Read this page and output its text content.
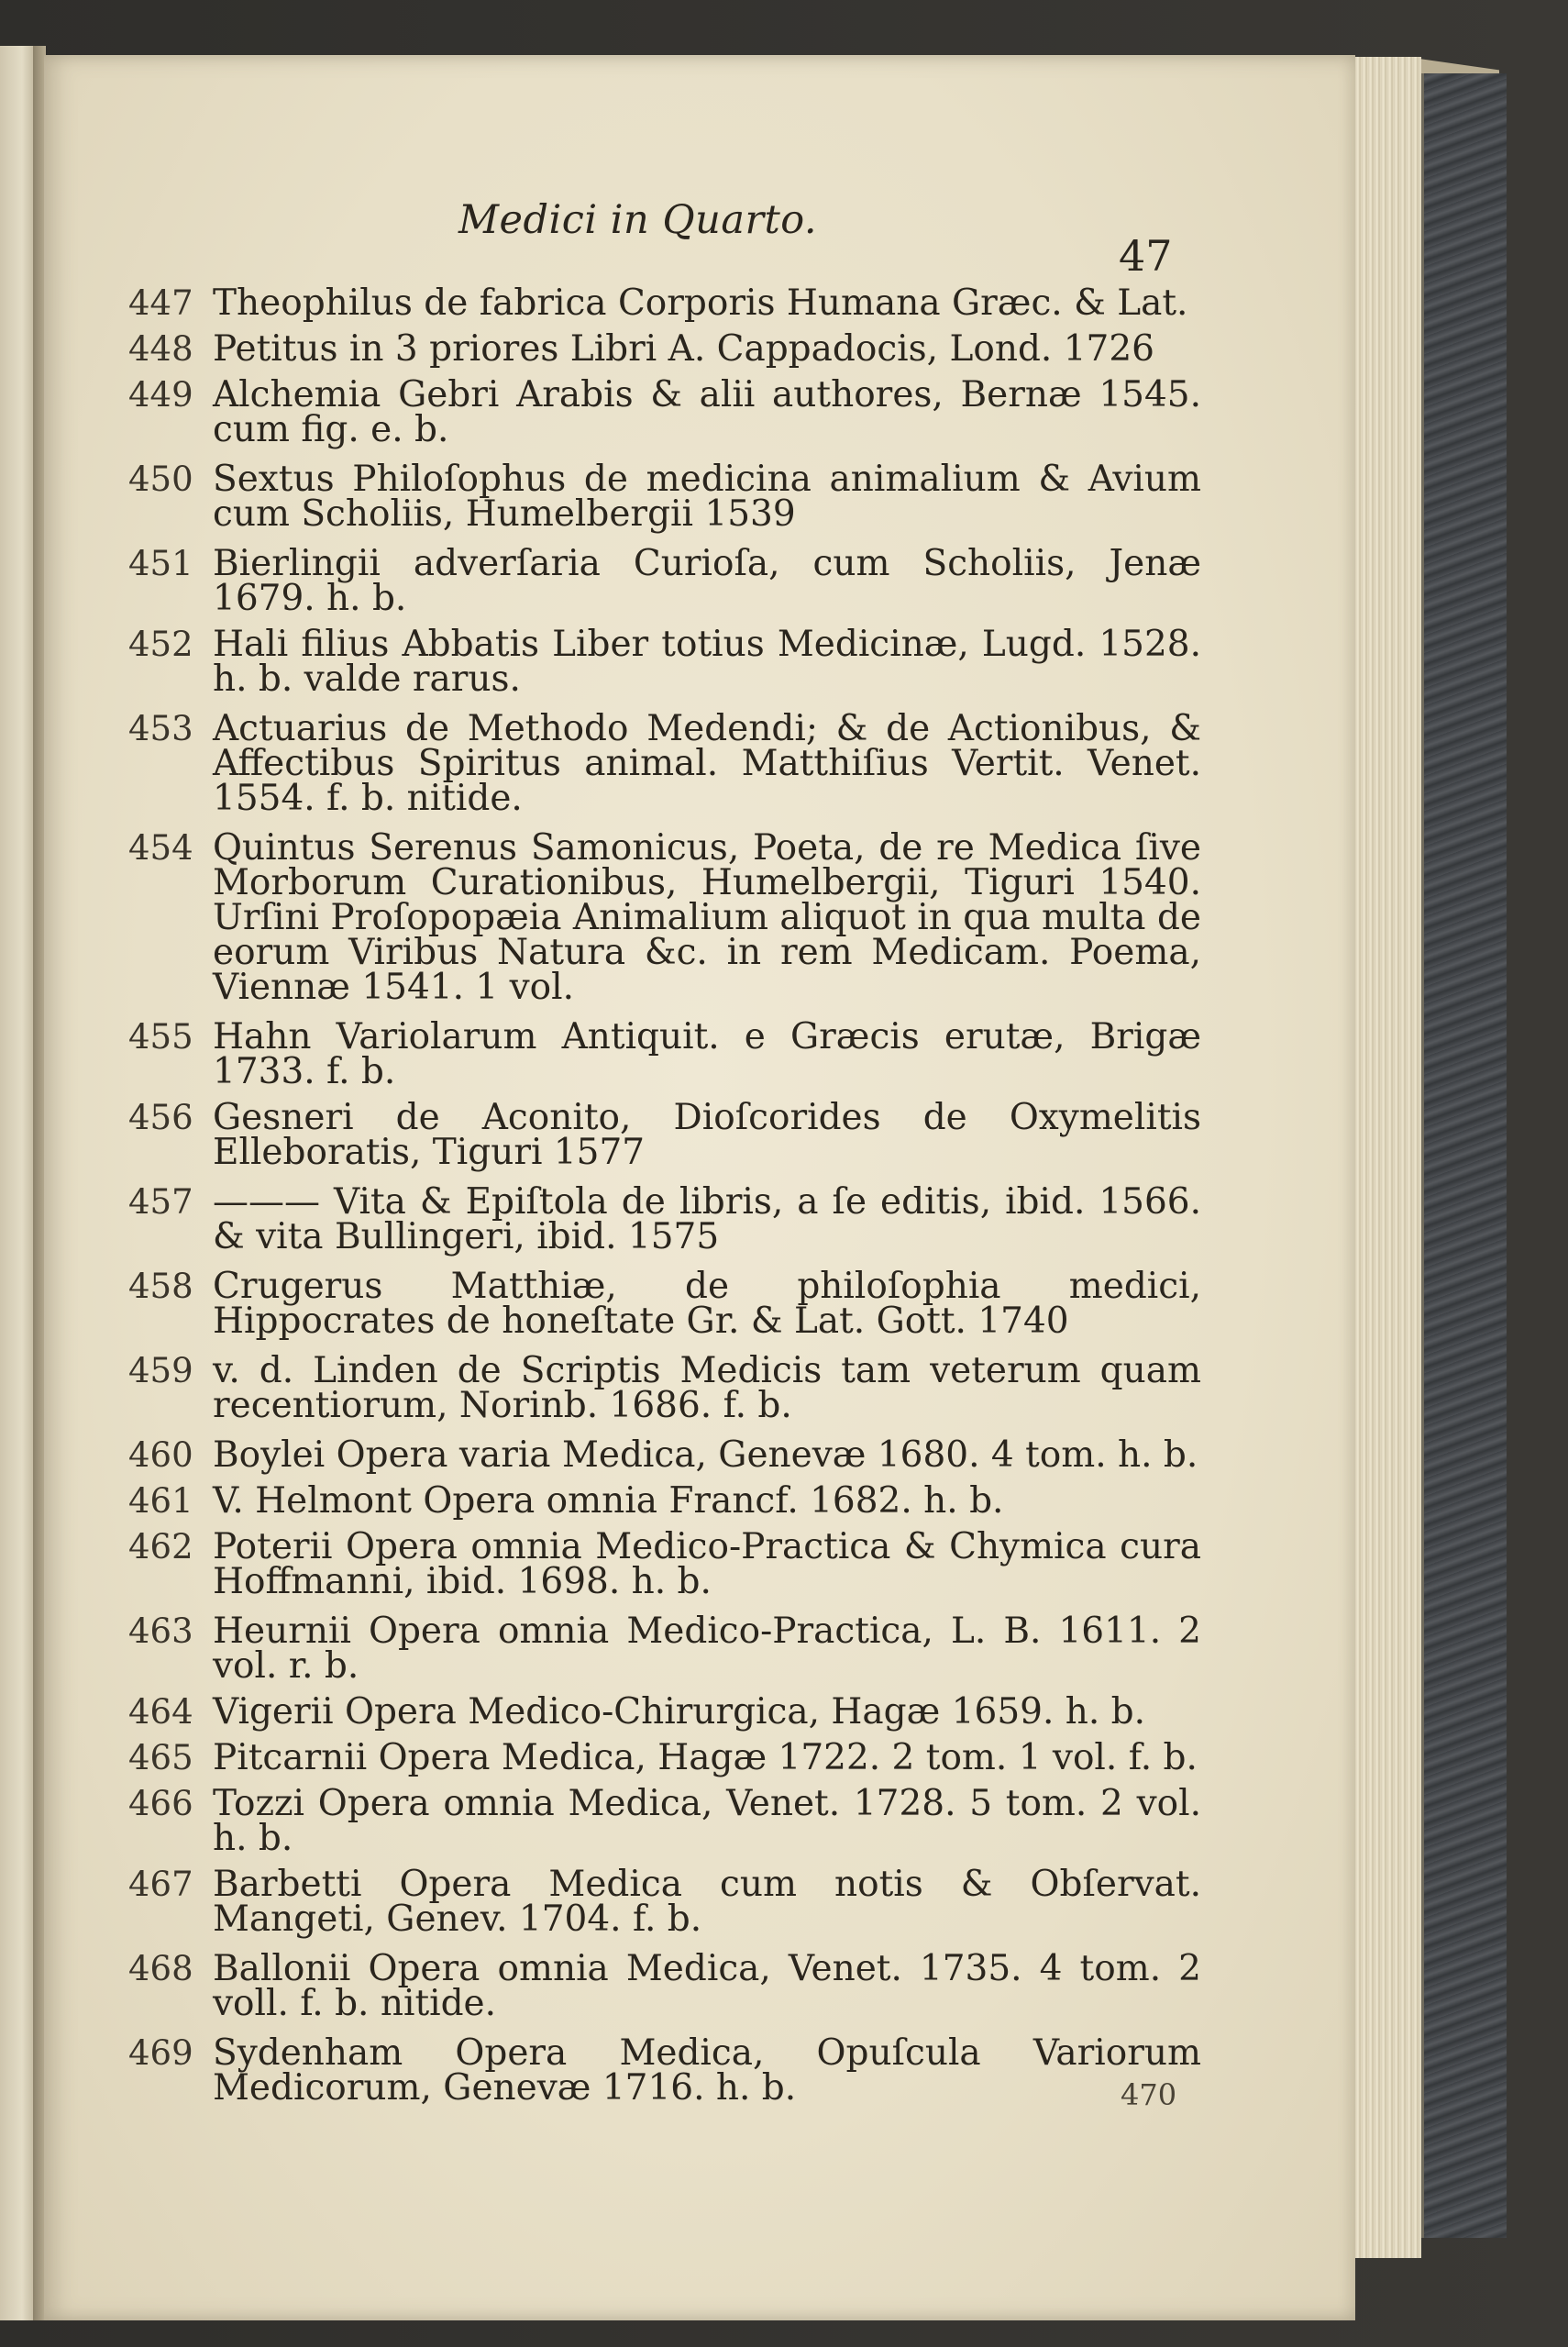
Medici in Quarto.
47
447 Theophilus de fabrica Corporis Humana Græc. & Lat.
448 Petitus in 3 priores Libri A. Cappadocis, Lond. 1726
449 Alchemia Gebri Arabis & alii authores, Bernæ 1545. cum fig. e. b.
450 Sextus Philoſophus de medicina animalium & Avium cum Scholiis, Humelbergii 1539
451 Bierlingii adverſaria Curioſa, cum Scholiis, Jenæ 1679. h. b.
452 Hali filius Abbatis Liber totius Medicinæ, Lugd. 1528. h. b. valde rarus.
453 Actuarius de Methodo Medendi; & de Actionibus, & Affectibus Spiritus animal. Matthiſius Vertit. Venet. 1554. f. b. nitide.
454 Quintus Serenus Samonicus, Poeta, de re Medica ſive Morborum Curationibus, Humelbergii, Tiguri 1540. Urſini Proſopopæia Animalium aliquot in qua multa de eorum Viribus Natura &c. in rem Medicam. Poema, Viennæ 1541. 1 vol.
455 Hahn Variolarum Antiquit. e Græcis erutæ, Brigæ 1733. f. b.
456 Gesneri de Aconito, Dioſcorides de Oxymelitis Elleboratis, Tiguri 1577
457 ——— Vita & Epiſtola de libris, a ſe editis, ibid. 1566. & vita Bullingeri, ibid. 1575
458 Crugerus Matthiæ, de philoſophia medici, Hippocrates de honeſtate Gr. & Lat. Gott. 1740
459 v. d. Linden de Scriptis Medicis tam veterum quam recentiorum, Norinb. 1686. f. b.
460 Boylei Opera varia Medica, Genevæ 1680. 4 tom. h. b.
461 V. Helmont Opera omnia Francf. 1682. h. b.
462 Poterii Opera omnia Medico-Practica & Chymica cura Hoffmanni, ibid. 1698. h. b.
463 Heurnii Opera omnia Medico-Practica, L. B. 1611. 2 vol. r. b.
464 Vigerii Opera Medico-Chirurgica, Hagæ 1659. h. b.
465 Pitcarnii Opera Medica, Hagæ 1722. 2 tom. 1 vol. f. b.
466 Tozzi Opera omnia Medica, Venet. 1728. 5 tom. 2 vol. h. b.
467 Barbetti Opera Medica cum notis & Obſervat. Mangeti, Genev. 1704. f. b.
468 Ballonii Opera omnia Medica, Venet. 1735. 4 tom. 2 voll. f. b. nitide.
469 Sydenham Opera Medica, Opuſcula Variorum Medicorum, Genevæ 1716. h. b.	470
